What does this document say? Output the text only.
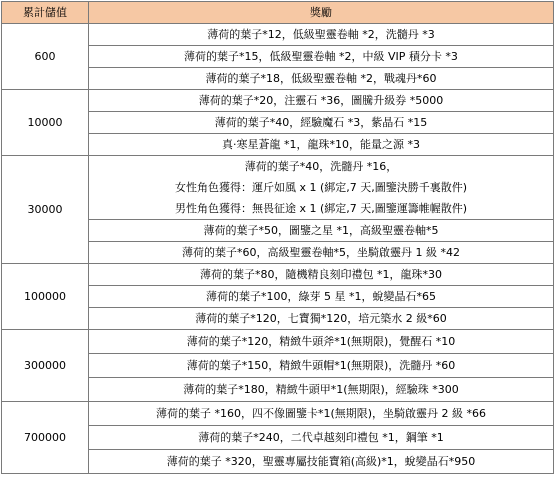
累計儲值	獎勵
600	薄荷的葉子*12，低級聖靈卷軸 *2，洗髓丹 *3

	薄荷的葉子*15，低級聖靈卷軸 *2，中級 VIP 積分卡 *3

	薄荷的葉子*18，低級聖靈卷軸 *2，戰魂丹*60

10000	薄荷的葉子*20，注靈石 *36，圖騰升級券 *5000

	薄荷的葉子*40，經驗魔石 *3，紫晶石 *15

	真·寒星蒼龍 *1，龍珠*10，能量之源 *3

30000	薄荷的葉子*40，洗髓丹 *16，
女性角色獲得：運斤如風 x 1 (綁定,7 天,圖鑒決勝千裏散件)
男性角色獲得：無畏征途 x 1 (綁定,7 天,圖鑒運籌帷幄散件)

	薄荷的葉子*50，圖鑒之星 *1，高級聖靈卷軸*5

	薄荷的葉子*60，高級聖靈卷軸*5，坐騎啟靈丹 1 級 *42

100000	薄荷的葉子*80，隨機精良刻印禮包 *1，龍珠*30

	薄荷的葉子*100，綠芽 5 星 *1，蛻變晶石*65

	薄荷的葉子*120，七寶獨*120，培元築水 2 級*60

300000	薄荷的葉子*120，精緻牛頭斧*1(無期限)，覺醒石 *10

	薄荷的葉子*150，精緻牛頭帽*1(無期限)，洗髓丹 *60

	薄荷的葉子*180，精緻牛頭甲*1(無期限)，經驗珠 *300

700000	薄荷的葉子 *160，四不像圖鑒卡*1(無期限)，坐騎啟靈丹 2 級 *66

	薄荷的葉子*240，二代卓越刻印禮包 *1，鋼筆 *1

	薄荷的葉子 *320，聖靈專屬技能寶箱(高級)*1，蛻變晶石*950
